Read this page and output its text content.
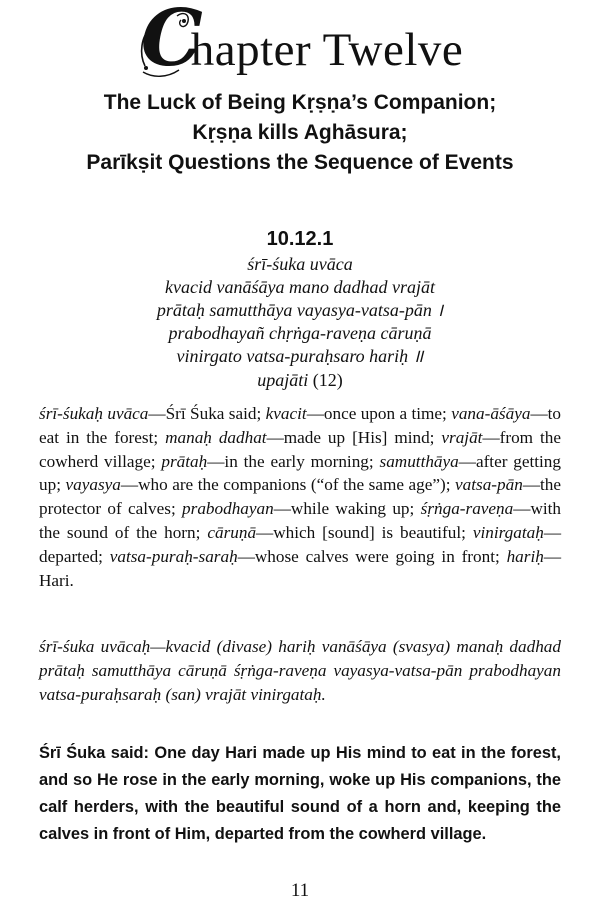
C
hapter Twelve
The Luck of Being Kṛṣṇa’s Companion;
Kṛṣṇa kills Aghāsura;
Parīkṣit Questions the Sequence of Events
10.12.1
śrī-śuka uvāca
kvacid vanāśāya mano dadhad vrajāt
prātaḥ samutthāya vayasya-vatsa-pān ।
prabodhayañ chṛṅga-raveṇa cāruṇā
vinirgato vatsa-puraḥsaro hariḥ ॥
upajāti (12)
śrī-śukaḥ uvāca—Śrī Śuka said; kvacit—once upon a time; vana-āśāya—to eat in the forest; manaḥ dadhat—made up [His] mind; vrajāt—from the cowherd village; prātaḥ—in the early morning; samutthāya—after getting up; vayasya—who are the companions (“of the same age”); vatsa-pān—the protector of calves; prabodhayan—while waking up; śṛṅga-raveṇa—with the sound of the horn; cāruṇā—which [sound] is beautiful; vinirgataḥ—departed; vatsa-puraḥ-saraḥ—whose calves were going in front; hariḥ—Hari.
śrī-śuka uvācaḥ—kvacid (divase) hariḥ vanāśāya (svasya) manaḥ dadhad prātaḥ samutthāya cāruṇā śṛṅga-raveṇa vayasya-vatsa-pān prabodhayan vatsa-puraḥsaraḥ (san) vrajāt vinirgataḥ.
Śrī Śuka said: One day Hari made up His mind to eat in the forest, and so He rose in the early morning, woke up His companions, the calf herders, with the beautiful sound of a horn and, keeping the calves in front of Him, departed from the cowherd village.
11
